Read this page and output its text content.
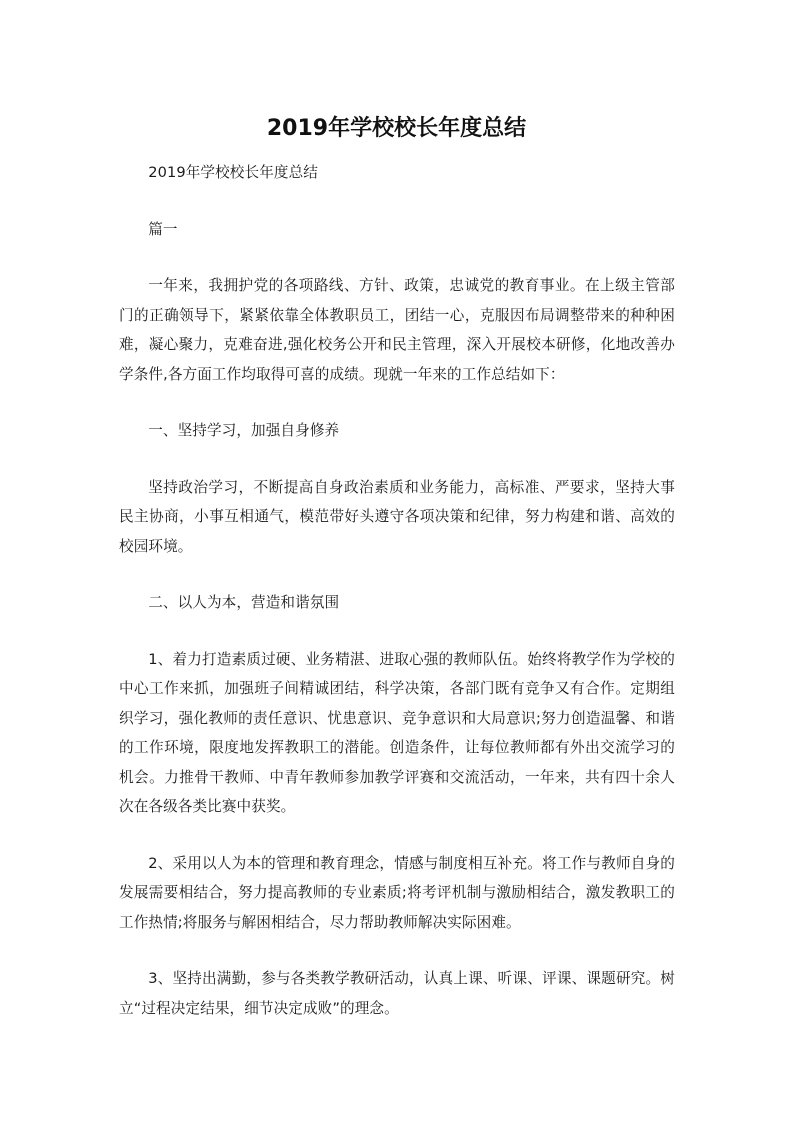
2019年学校校长年度总结

2019年学校校长年度总结

篇一

一年来，我拥护党的各项路线、方针、政策，忠诚党的教育事业。在上级主管部门的正确领导下，紧紧依靠全体教职员工，团结一心，克服因布局调整带来的种种困难，凝心聚力，克难奋进,强化校务公开和民主管理，深入开展校本研修，化地改善办学条件,各方面工作均取得可喜的成绩。现就一年来的工作总结如下：

一、坚持学习，加强自身修养

坚持政治学习，不断提高自身政治素质和业务能力，高标准、严要求，坚持大事民主协商，小事互相通气，模范带好头遵守各项决策和纪律，努力构建和谐、高效的校园环境。

二、以人为本，营造和谐氛围

1、着力打造素质过硬、业务精湛、进取心强的教师队伍。始终将教学作为学校的中心工作来抓，加强班子间精诚团结，科学决策，各部门既有竞争又有合作。定期组织学习，强化教师的责任意识、忧患意识、竞争意识和大局意识;努力创造温馨、和谐的工作环境，限度地发挥教职工的潜能。创造条件，让每位教师都有外出交流学习的机会。力推骨干教师、中青年教师参加教学评赛和交流活动，一年来，共有四十余人次在各级各类比赛中获奖。

2、采用以人为本的管理和教育理念，情感与制度相互补充。将工作与教师自身的发展需要相结合，努力提高教师的专业素质;将考评机制与激励相结合，激发教职工的工作热情;将服务与解困相结合，尽力帮助教师解决实际困难。

3、坚持出满勤，参与各类教学教研活动，认真上课、听课、评课、课题研究。树立“过程决定结果，细节决定成败”的理念。
